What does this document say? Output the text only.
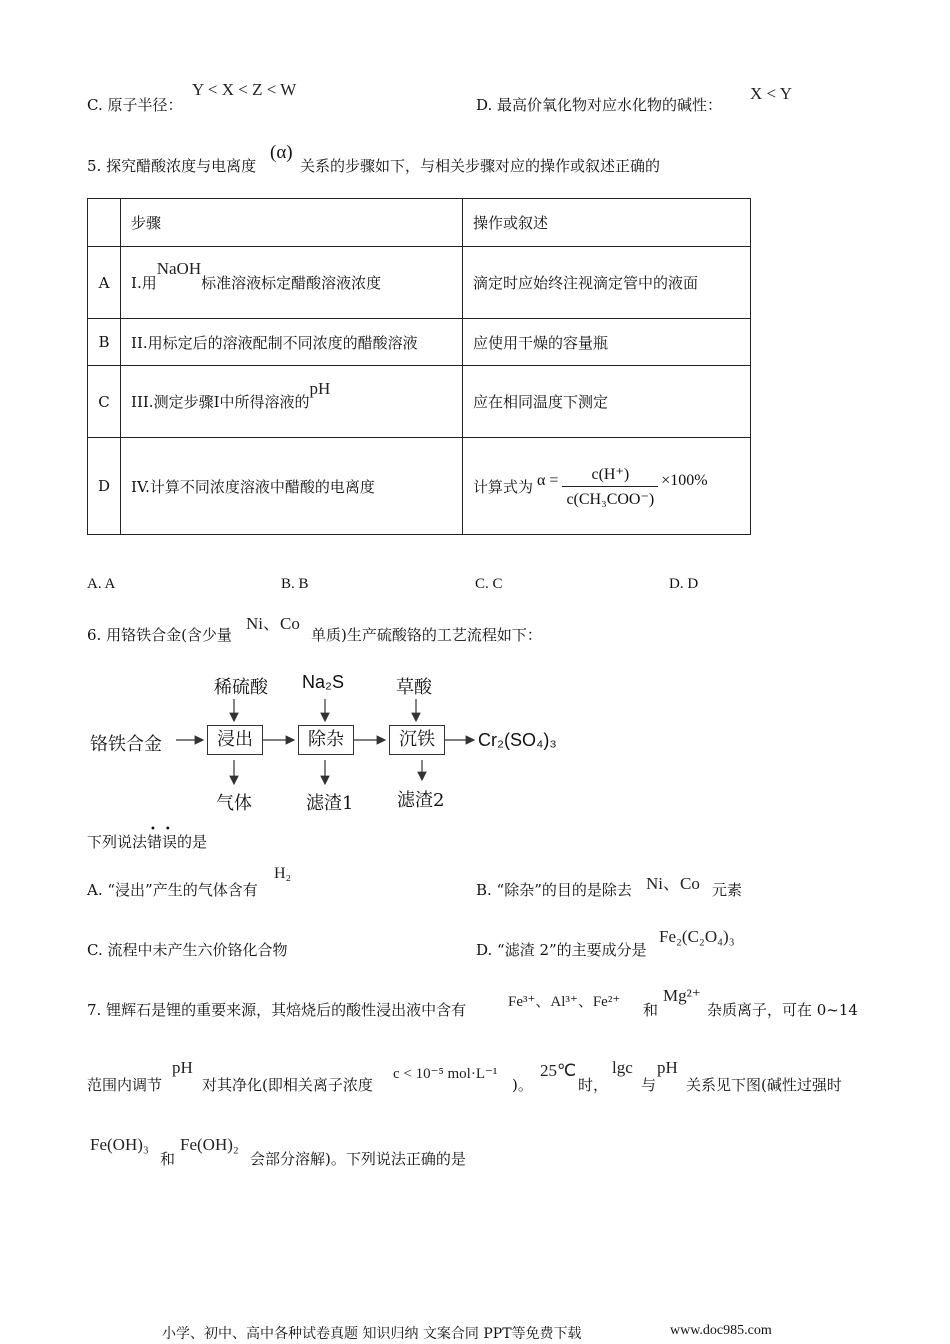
C. 原子半径：
Y < X < Z < W
D. 最高价氧化物对应水化物的碱性：
X < Y
5. 探究醋酸浓度与电离度
(α)
关系的步骤如下，与相关步骤对应的操作或叙述正确的
	步骤	操作或叙述
A	I.用NaOH标准溶液标定醋酸溶液浓度	滴定时应始终注视滴定管中的液面
B	II.用标定后的溶液配制不同浓度的醋酸溶液	应使用干燥的容量瓶
C	III.测定步骤I中所得溶液的pH	应在相同温度下测定
D	IV.计算不同浓度溶液中醋酸的电离度	计算式为 α = c(H⁺)
c(CH₃COO⁻)
×100%
A. A	B. B	C. C	D. D
6. 用铬铁合金(含少量
Ni、Co
单质)生产硫酸铬的工艺流程如下：
稀硫酸 Na₂S	草酸
铬铁合金	浸出	除杂	沉铁	Cr₂(SO₄)₃
气体	滤渣1 滤渣2
下列说法
••
错误的是
A. “浸出”产生的气体含有
H₂
B. “除杂”的目的是除去 Ni、Co 元素
C. 流程中未产生六价铬化合物	D. “滤渣 2”的主要成分是
Fe₂(C₂O₄)₃
7. 锂辉石是锂的重要来源，其焙烧后的酸性浸出液中含有	Fe³⁺、Al³⁺、Fe²⁺ 和
Mg²⁺
杂质离子，可在 0~14
范围内调节
pH
对其净化(即相关离子浓度
c < 10⁻⁵ mol·L⁻¹
)。
25℃
时，
lgc
与
pH
关系见下图(碱性过强时
Fe(OH)₃
和
Fe(OH)₂
会部分溶解)。下列说法正确的是
小学、初中、高中各种试卷真题 知识归纳 文案合同 PPT等免费下载	www.doc985.com
